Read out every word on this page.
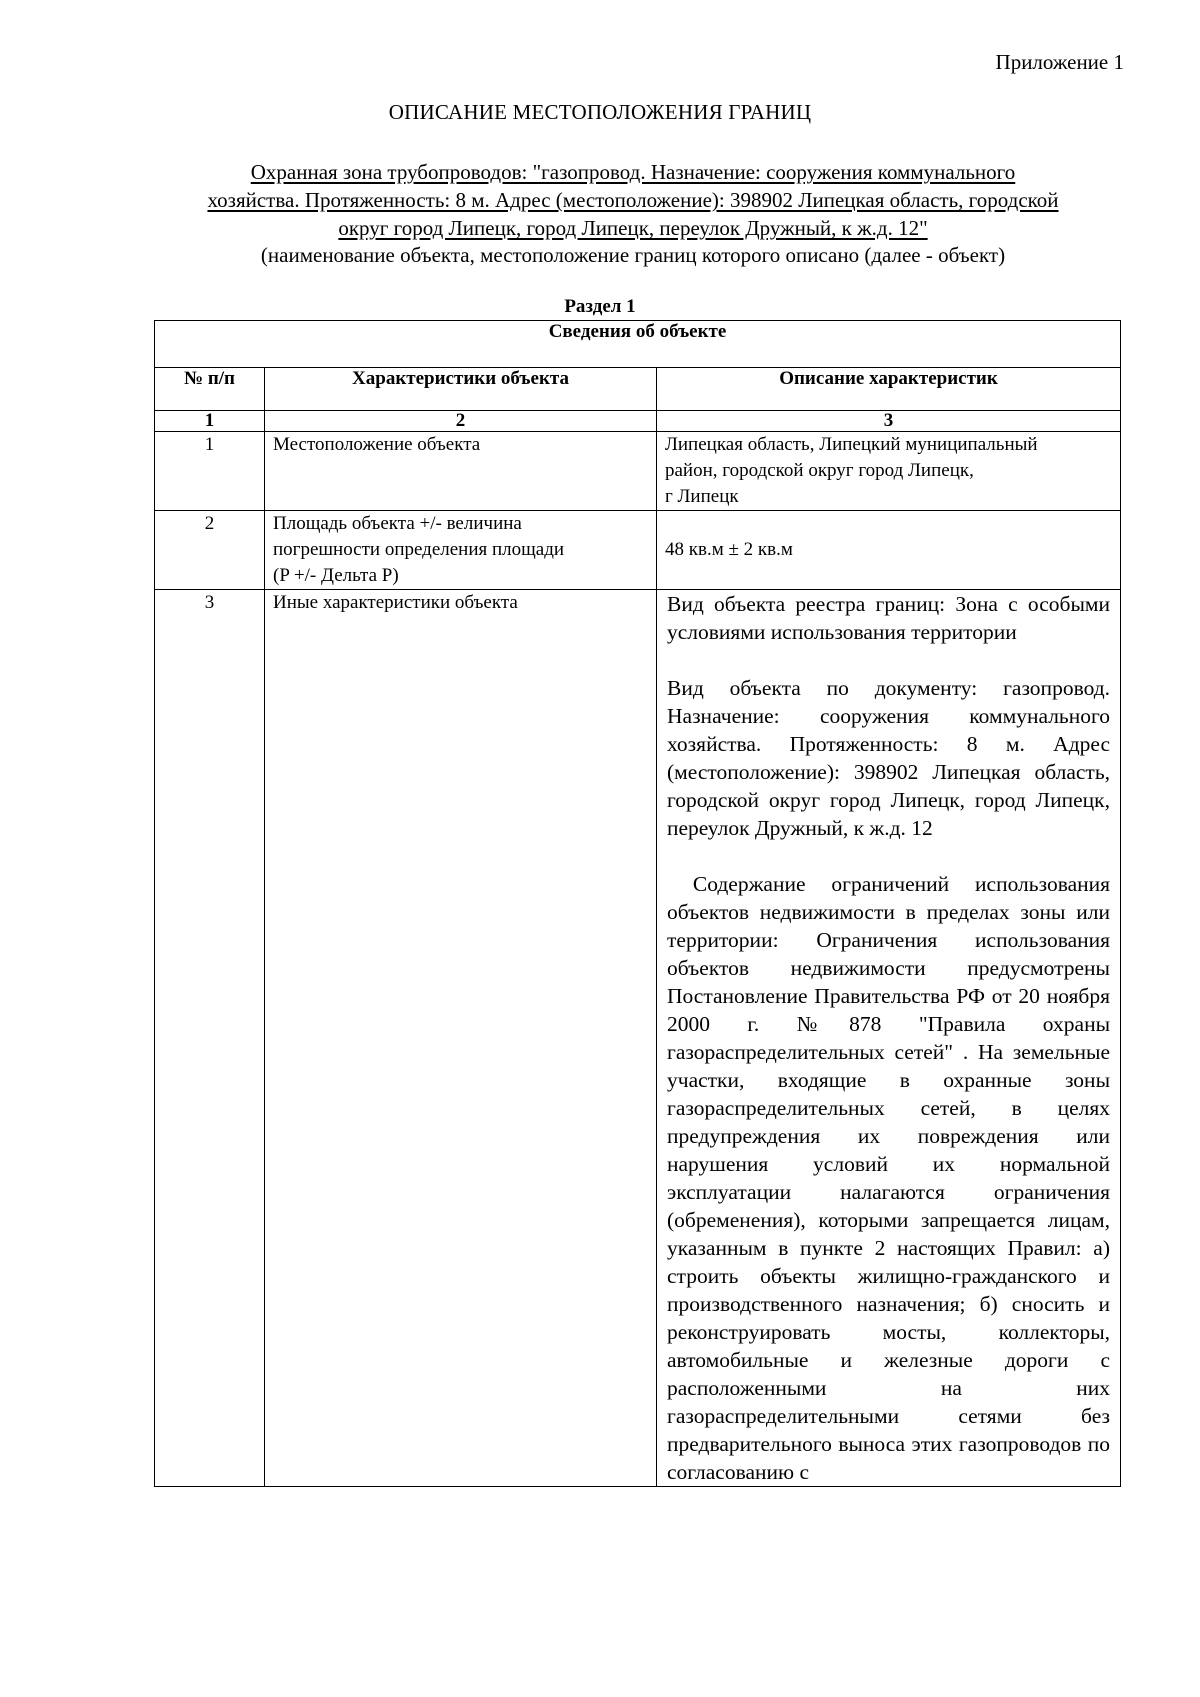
Приложение 1
ОПИСАНИЕ МЕСТОПОЛОЖЕНИЯ ГРАНИЦ
Охранная зона трубопроводов: "газопровод. Назначение: сооружения коммунального
хозяйства. Протяженность: 8 м. Адрес (местоположение): 398902 Липецкая область, городской
округ город Липецк, город Липецк, переулок Дружный, к ж.д. 12"
(наименование объекта, местоположение границ которого описано (далее - объект)
Раздел 1
Сведения об объекте		
№ п/п	Характеристики объекта	Описание характеристик
1	2	3
1	Местоположение объекта	Липецкая область, Липецкий муниципальный
район, городской округ город Липецк,
г Липецк

2	Площадь объекта +/- величина
погрешности определения площади
(P +/- Дельта P)	48 кв.м ± 2 кв.м
3	Иные характеристики объекта	Вид объекта реестра границ: Зона с особыми условиями использования территории

Вид объекта по документу: газопровод. Назначение: сооружения коммунального хозяйства. Протяженность: 8 м. Адрес (местоположение): 398902 Липецкая область, городской округ город Липецк, город Липецк, переулок Дружный, к ж.д. 12

Содержание ограничений использования объектов недвижимости в пределах зоны или территории: Ограничения использования объектов недвижимости предусмотрены Постановление Правительства РФ от 20 ноября 2000 г. №878 "Правила охраны газораспределительных сетей" . На земельные участки, входящие в охранные зоны газораспределительных сетей, в целях предупреждения их повреждения или нарушения условий их нормальной эксплуатации налагаются ограничения (обременения), которыми запрещается лицам, указанным в пункте 2 настоящих Правил: а) строить объекты жилищно-гражданского и производственного назначения; б) сносить и реконструировать мосты, коллекторы, автомобильные и железные дороги с расположенными на них газораспределительными сетями без предварительного выноса этих газопроводов по согласованию с
